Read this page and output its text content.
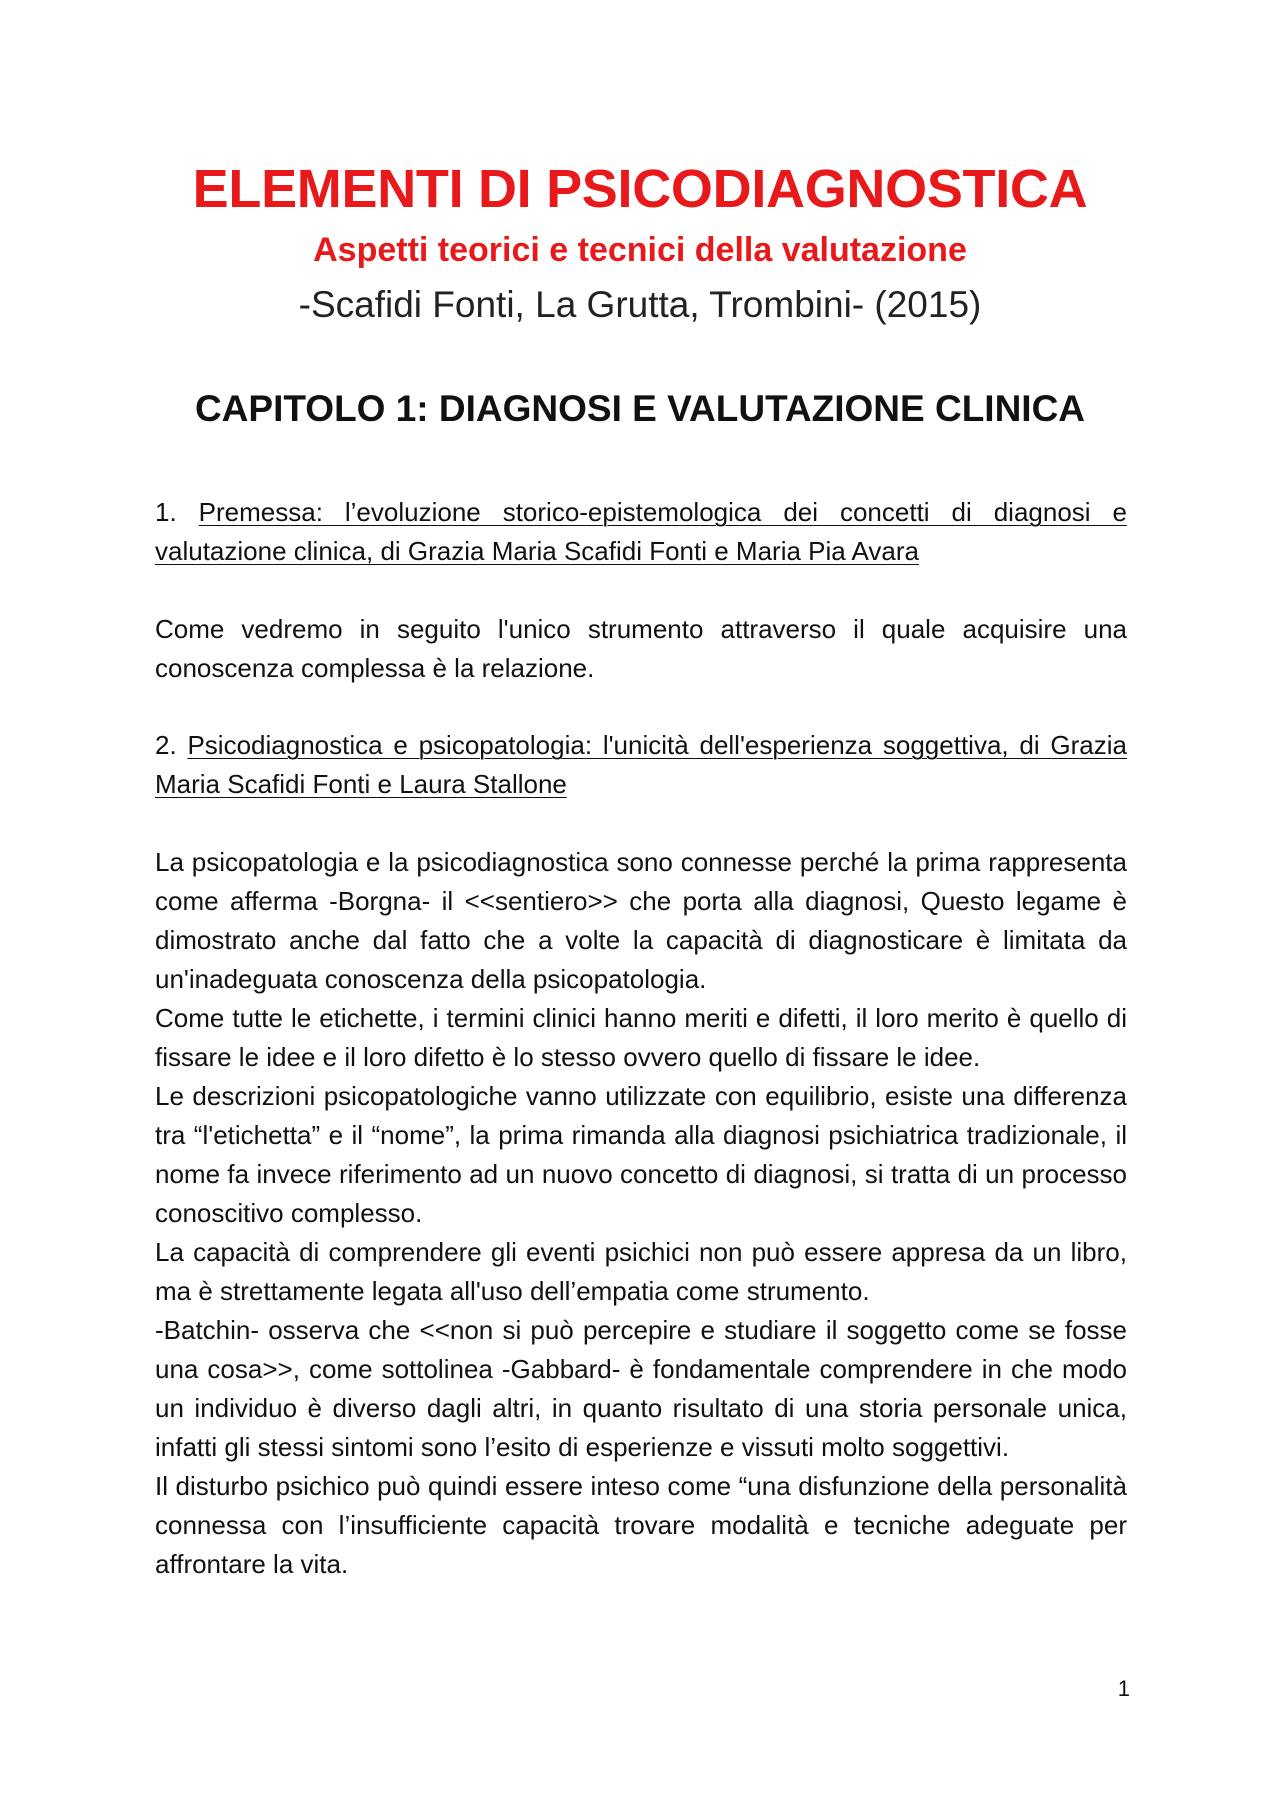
ELEMENTI DI PSICODIAGNOSTICA
Aspetti teorici e tecnici della valutazione
-Scafidi Fonti, La Grutta, Trombini- (2015)
CAPITOLO 1: DIAGNOSI E VALUTAZIONE CLINICA
1. Premessa: l’evoluzione storico-epistemologica dei concetti di diagnosi e valutazione clinica, di Grazia Maria Scafidi Fonti e Maria Pia Avara
Come vedremo in seguito l'unico strumento attraverso il quale acquisire una conoscenza complessa è la relazione.
2. Psicodiagnostica e psicopatologia: l'unicità dell'esperienza soggettiva, di Grazia Maria Scafidi Fonti e Laura Stallone
La psicopatologia e la psicodiagnostica sono connesse perché la prima rappresenta come afferma -Borgna- il <<sentiero>> che porta alla diagnosi, Questo legame è dimostrato anche dal fatto che a volte la capacità di diagnosticare è limitata da un'inadeguata conoscenza della psicopatologia.
Come tutte le etichette, i termini clinici hanno meriti e difetti, il loro merito è quello di fissare le idee e il loro difetto è lo stesso ovvero quello di fissare le idee.
Le descrizioni psicopatologiche vanno utilizzate con equilibrio, esiste una differenza tra “l'etichetta” e il “nome”, la prima rimanda alla diagnosi psichiatrica tradizionale, il nome fa invece riferimento ad un nuovo concetto di diagnosi, si tratta di un processo conoscitivo complesso.
La capacità di comprendere gli eventi psichici non può essere appresa da un libro, ma è strettamente legata all'uso dell’empatia come strumento.
-Batchin- osserva che <<non si può percepire e studiare il soggetto come se fosse una cosa>>, come sottolinea -Gabbard- è fondamentale comprendere in che modo un individuo è diverso dagli altri, in quanto risultato di una storia personale unica, infatti gli stessi sintomi sono l’esito di esperienze e vissuti molto soggettivi.
Il disturbo psichico può quindi essere inteso come “una disfunzione della personalità connessa con l’insufficiente capacità trovare modalità e tecniche adeguate per affrontare la vita.
1
